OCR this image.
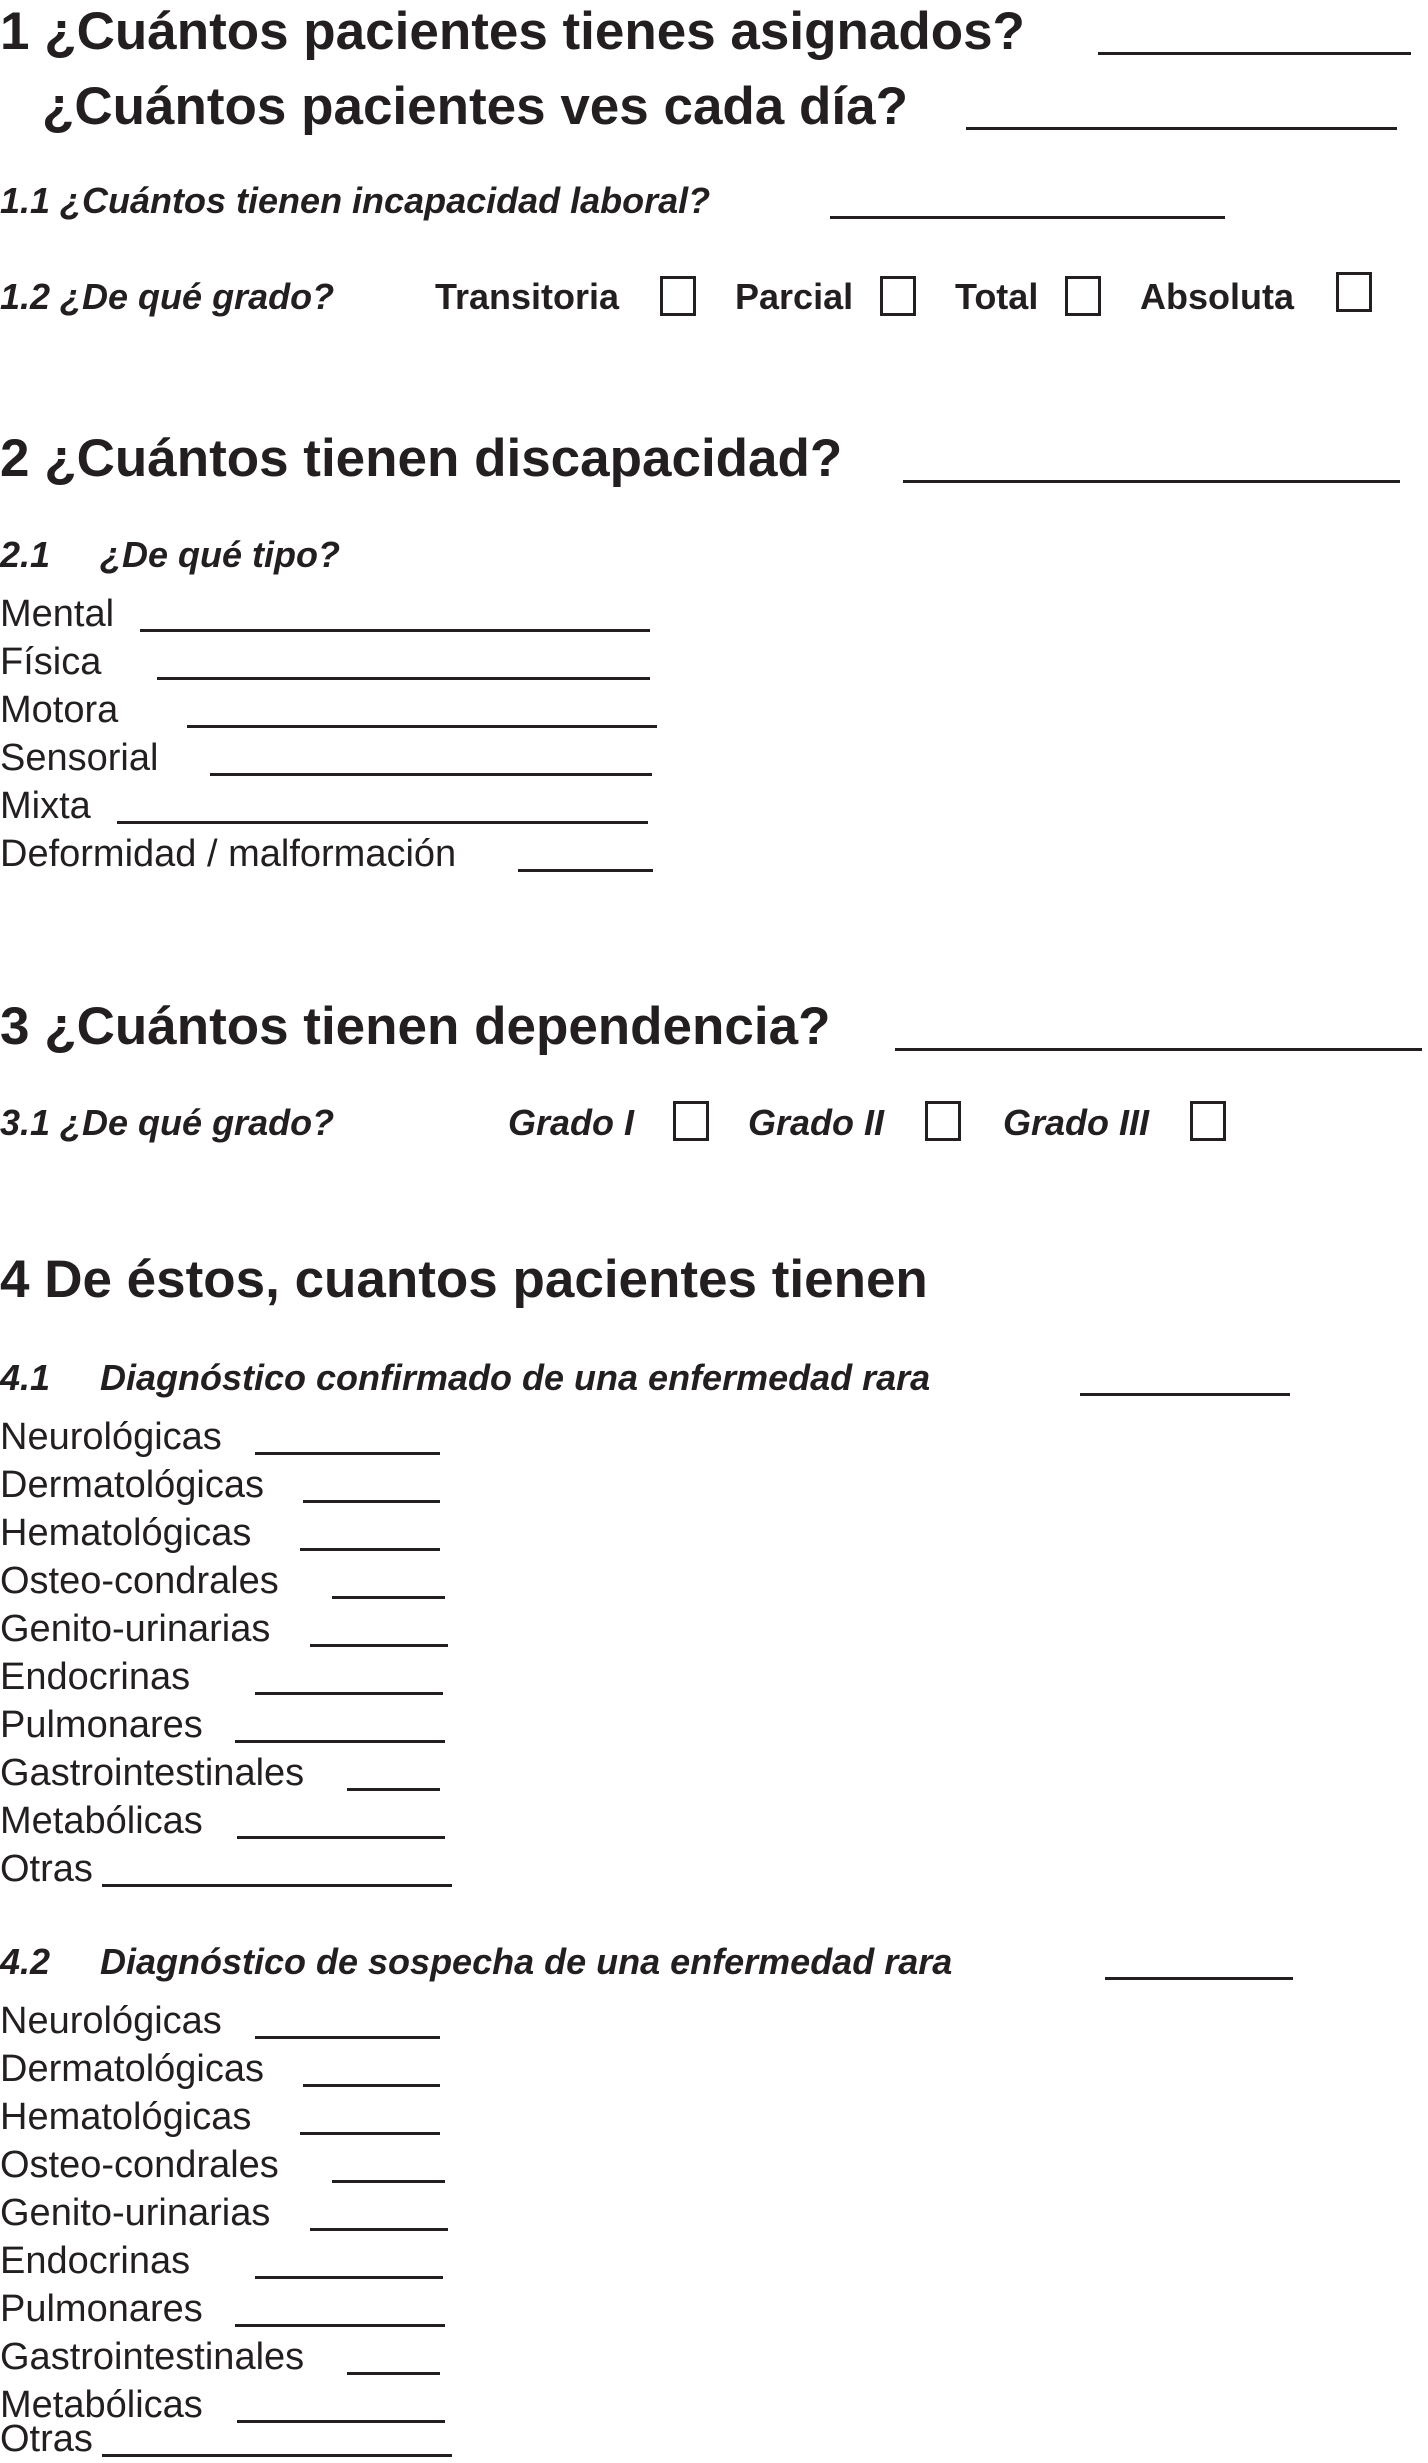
1 ¿Cuántos pacientes tienes asignados?
¿Cuántos pacientes ves cada día?
1.1 ¿Cuántos tienen incapacidad laboral?
1.2 ¿De qué grado?	Transitoria	Parcial	Total	Absoluta
2 ¿Cuántos tienen discapacidad?
2.1 ¿De qué tipo?
Mental
Física
Motora
Sensorial
Mixta
Deformidad / malformación
3 ¿Cuántos tienen dependencia?
3.1 ¿De qué grado?	Grado I	Grado II	Grado III
4 De éstos, cuantos pacientes tienen
4.1 Diagnóstico confirmado de una enfermedad rara
Neurológicas
Dermatológicas
Hematológicas
Osteo-condrales
Genito-urinarias
Endocrinas
Pulmonares
Gastrointestinales
Metabólicas
Otras
4.2 Diagnóstico de sospecha de una enfermedad rara
Neurológicas
Dermatológicas
Hematológicas
Osteo-condrales
Genito-urinarias
Endocrinas
Pulmonares
Gastrointestinales
Metabólicas
Otras
